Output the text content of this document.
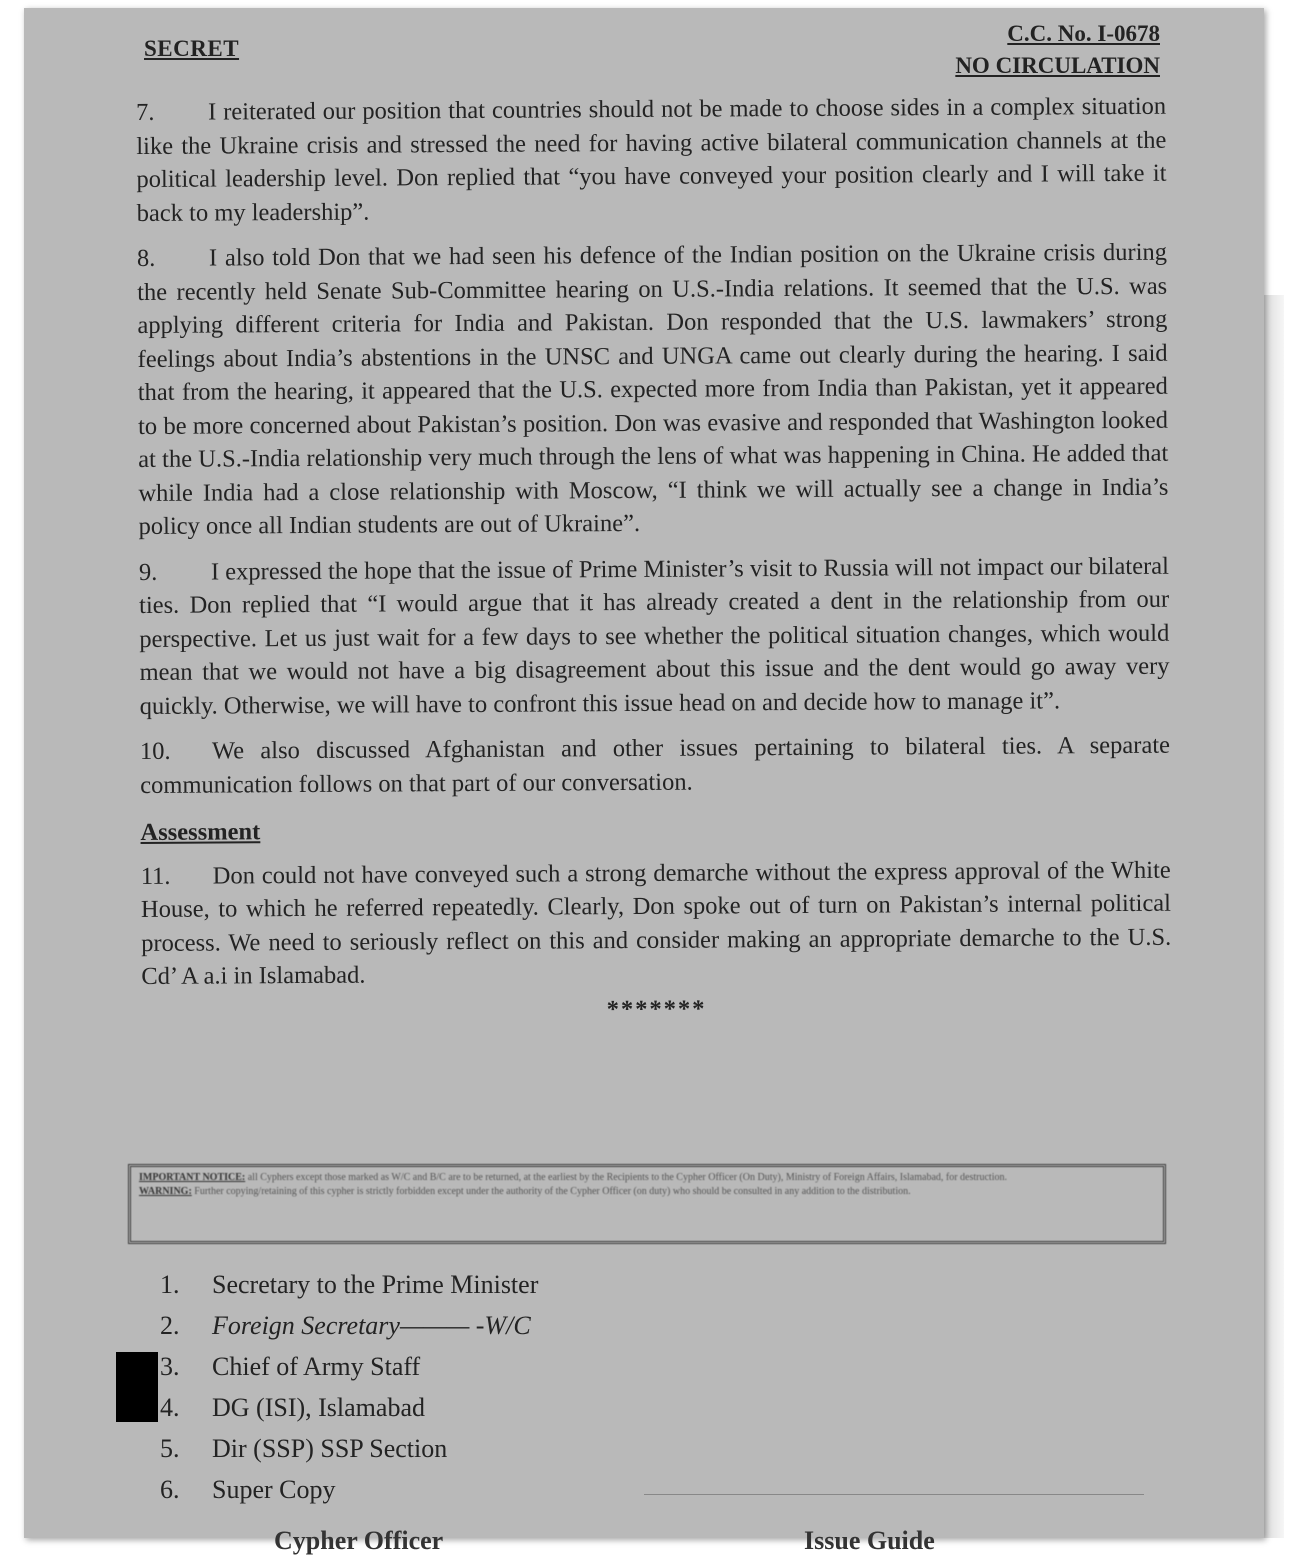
SECRET
C.C. No. I-0678
NO CIRCULATION

7. I reiterated our position that countries should not be made to choose sides in a complex situation like the Ukraine crisis and stressed the need for having active bilateral communication channels at the political leadership level. Don replied that “you have conveyed your position clearly and I will take it back to my leadership”.

8. I also told Don that we had seen his defence of the Indian position on the Ukraine crisis during the recently held Senate Sub-Committee hearing on U.S.-India relations. It seemed that the U.S. was applying different criteria for India and Pakistan. Don responded that the U.S. lawmakers’ strong feelings about India’s abstentions in the UNSC and UNGA came out clearly during the hearing. I said that from the hearing, it appeared that the U.S. expected more from India than Pakistan, yet it appeared to be more concerned about Pakistan’s position. Don was evasive and responded that Washington looked at the U.S.-India relationship very much through the lens of what was happening in China. He added that while India had a close relationship with Moscow, “I think we will actually see a change in India’s policy once all Indian students are out of Ukraine”.

9. I expressed the hope that the issue of Prime Minister’s visit to Russia will not impact our bilateral ties. Don replied that “I would argue that it has already created a dent in the relationship from our perspective. Let us just wait for a few days to see whether the political situation changes, which would mean that we would not have a big disagreement about this issue and the dent would go away very quickly. Otherwise, we will have to confront this issue head on and decide how to manage it”.

10. We also discussed Afghanistan and other issues pertaining to bilateral ties. A separate communication follows on that part of our conversation.

Assessment

11. Don could not have conveyed such a strong demarche without the express approval of the White House, to which he referred repeatedly. Clearly, Don spoke out of turn on Pakistan’s internal political process. We need to seriously reflect on this and consider making an appropriate demarche to the U.S. Cd’ A a.i in Islamabad.

*******
IMPORTANT NOTICE: all Cyphers except those marked as W/C and B/C are to be returned, at the earliest by the Recipients to the Cypher Officer (On Duty), Ministry of Foreign Affairs, Islamabad, for destruction.
WARNING: Further copying/retaining of this cypher is strictly forbidden except under the authority of the Cypher Officer (on duty) who should be consulted in any addition to the distribution.
1. Secretary to the Prime Minister
2. Foreign Secretary——— -W/C
3. Chief of Army Staff
4. DG (ISI), Islamabad
5. Dir (SSP) SSP Section
6. Super Copy
Cypher Officer	Issue Guide
